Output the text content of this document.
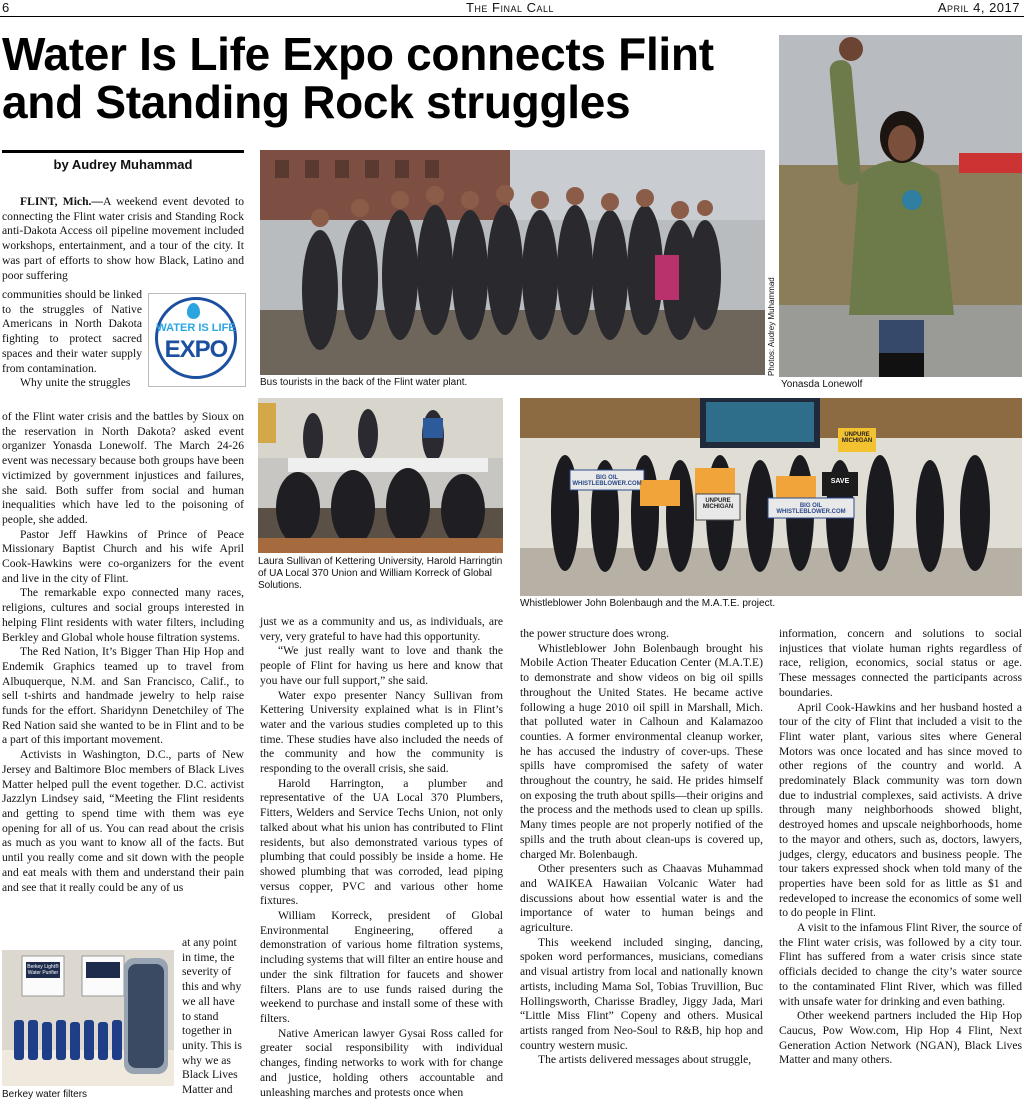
6	The Final Call	April 4, 2017
Water Is Life Expo connects Flint
and Standing Rock struggles
by Audrey Muhammad

FLINT, Mich.—A weekend event devoted to connecting the Flint water crisis and Standing Rock anti-Dakota Access oil pipeline movement included workshops, entertainment, and a tour of the city. It was part of efforts to show how Black, Latino and poor suffering

communities should be linked to the struggles of Native Americans in North Dakota fighting to protect sacred spaces and their water supply from contamination.

Why unite the struggles

WATER IS LIFE
EXPO

of the Flint water crisis and the battles by Sioux on the reservation in North Dakota? asked event organizer Yonasda Lonewolf. The March 24-26 event was necessary because both groups have been victimized by government injustices and failures, she said. Both suffer from social and human inequalities which have led to the poisoning of people, she added.

Pastor Jeff Hawkins of Prince of Peace Missionary Baptist Church and his wife April Cook-Hawkins were co-organizers for the event and live in the city of Flint.

The remarkable expo connected many races, religions, cultures and social groups interested in helping Flint residents with water filters, including Berkley and Global whole house filtration systems.

The Red Nation, It’s Bigger Than Hip Hop and Endemik Graphics teamed up to travel from Albuquerque, N.M. and San Francisco, Calif., to sell t-shirts and handmade jewelry to help raise funds for the effort. Sharidynn Denetchiley of The Red Nation said she wanted to be in Flint and to be a part of this important movement.

Activists in Washington, D.C., parts of New Jersey and Baltimore Bloc members of Black Lives Matter helped pull the event together. D.C. activist Jazzlyn Lindsey said, “Meeting the Flint residents and getting to spend time with them was eye opening for all of us. You can read about the crisis as much as you want to know all of the facts. But until you really come and sit down with the people and eat meals with them and understand their pain and see that it really could be any of us

at any point in time, the severity of this and why we all have to stand together in unity. This is why we as Black Lives Matter and

Berkey Light® Water Purifier
Berkey water filters
Bus tourists in the back of the Flint water plant.
Photos: Audrey Muhammad
Yonasda Lonewolf
Laura Sullivan of Kettering University, Harold Harringtin of UA Local 370 Union and William Korreck of Global Solutions.
BIG OIL WHISTLEBLOWER.COM
BIG OIL WHISTLEBLOWER.COM
UNPURE MICHIGAN
SAVE
UNPURE MICHIGAN
Whistleblower John Bolenbaugh and the M.A.T.E. project.

just we as a community and us, as individuals, are very, very grateful to have had this opportunity.

“We just really want to love and thank the people of Flint for having us here and know that you have our full support,” she said.

Water expo presenter Nancy Sullivan from Kettering University explained what is in Flint’s water and the various studies completed up to this time. These studies have also included the needs of the community and how the community is responding to the overall crisis, she said.

Harold Harrington, a plumber and representative of the UA Local 370 Plumbers, Fitters, Welders and Service Techs Union, not only talked about what his union has contributed to Flint residents, but also demonstrated various types of plumbing that could possibly be inside a home. He showed plumbing that was corroded, lead piping versus copper, PVC and various other home fixtures.

William Korreck, president of Global Environmental Engineering, offered a demonstration of various home filtration systems, including systems that will filter an entire house and under the sink filtration for faucets and shower filters. Plans are to use funds raised during the weekend to purchase and install some of these with filters.

Native American lawyer Gysai Ross called for greater social responsibility with individual changes, finding networks to work with for change and justice, holding others accountable and unleashing marches and protests once when

the power structure does wrong.

Whistleblower John Bolenbaugh brought his Mobile Action Theater Education Center (M.A.T.E) to demonstrate and show videos on big oil spills throughout the United States. He became active following a huge 2010 oil spill in Marshall, Mich. that polluted water in Calhoun and Kalamazoo counties. A former environmental cleanup worker, he has accused the industry of cover-ups. These spills have compromised the safety of water throughout the country, he said. He prides himself on exposing the truth about spills—their origins and the process and the methods used to clean up spills. Many times people are not properly notified of the spills and the truth about clean-ups is covered up, charged Mr. Bolenbaugh.

Other presenters such as Chaavas Muhammad and WAIKEA Hawaiian Volcanic Water had discussions about how essential water is and the importance of water to human beings and agriculture.

This weekend included singing, dancing, spoken word performances, musicians, comedians and visual artistry from local and nationally known artists, including Mama Sol, Tobias Truvillion, Buc Hollingsworth, Charisse Bradley, Jiggy Jada, Mari “Little Miss Flint” Copeny and others. Musical artists ranged from Neo-Soul to R&B, hip hop and country western music.

The artists delivered messages about struggle,

information, concern and solutions to social injustices that violate human rights regardless of race, religion, economics, social status or age. These messages connected the participants across boundaries.

April Cook-Hawkins and her husband hosted a tour of the city of Flint that included a visit to the Flint water plant, various sites where General Motors was once located and has since moved to other regions of the country and world. A predominately Black community was torn down due to industrial complexes, said activists. A drive through many neighborhoods showed blight, destroyed homes and upscale neighborhoods, home to the mayor and others, such as, doctors, lawyers, judges, clergy, educators and business people. The tour takers expressed shock when told many of the properties have been sold for as little as $1 and redeveloped to increase the economics of some well to do people in Flint.

A visit to the infamous Flint River, the source of the Flint water crisis, was followed by a city tour. Flint has suffered from a water crisis since state officials decided to change the city’s water source to the contaminated Flint River, which was filled with unsafe water for drinking and even bathing.

Other weekend partners included the Hip Hop Caucus, Pow Wow.com, Hip Hop 4 Flint, Next Generation Action Network (NGAN), Black Lives Matter and many others.
